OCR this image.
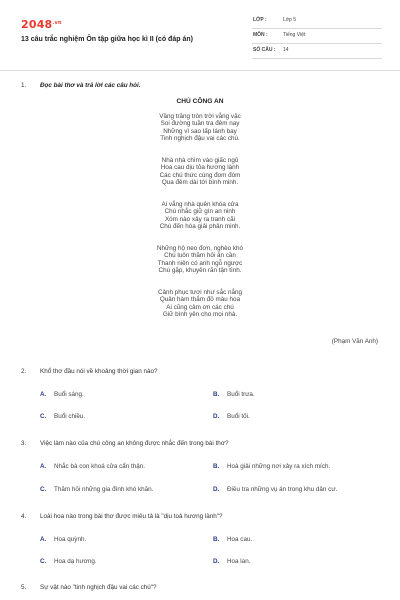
$2048^{.vn}$
13 câu trắc nghiệm Ôn tập giữa học kì II (có đáp án)
LỚP :	Lớp 5
MÔN :	Tiếng Việt
SỐ CÂU : 14
1. Đọc bài thơ và trả lời các câu hỏi.
CHÚ CÔNG AN
Vầng trăng tròn trời vằng vặc
Soi đường tuần tra đêm nay
Những vì sao lấp lánh bay
Tinh nghịch đậu vai các chú.
Nhà nhà chìm vào giấc ngủ
Hoa cau dịu tỏa hương lành
Các chú thức cùng đom đóm
Qua đêm dài tới bình minh.
Ai vắng nhà quên khóa cửa
Chú nhắc giữ gìn an ninh
Xóm nào xảy ra tranh cãi
Chú đến hòa giải phân minh.
Những hộ neo đơn, nghèo khó
Chú luôn thăm hỏi ân cần
Thanh niên có anh ngỗ ngược
Chú gặp, khuyên răn tận tình.
Cảnh phục tươi như sắc nắng
Quân hàm thắm đỏ màu hoa
Ai cũng cảm ơn các chú
Giữ bình yên cho mọi nhà.
(Phạm Văn Anh)
2. Khổ thơ đầu nói về khoảng thời gian nào?
A. Buổi sáng.	B. Buổi trưa.
C. Buổi chiều.	D. Buổi tối.
3. Việc làm nào của chú công an không được nhắc đến trong bài thơ?
A. Nhắc bà con khoá cửa cẩn thận.	B. Hoà giải những nơi xảy ra xích mích.
C. Thăm hỏi những gia đình khó khăn.	D. Điều tra những vụ án trong khu dân cư.
4. Loài hoa nào trong bài thơ được miêu tả là "dịu toả hương lành"?
A. Hoa quỳnh.	B. Hoa cau.
C. Hoa dạ hương.	D. Hoa lan.
5. Sự vật nào "tinh nghịch đậu vai các chú"?
